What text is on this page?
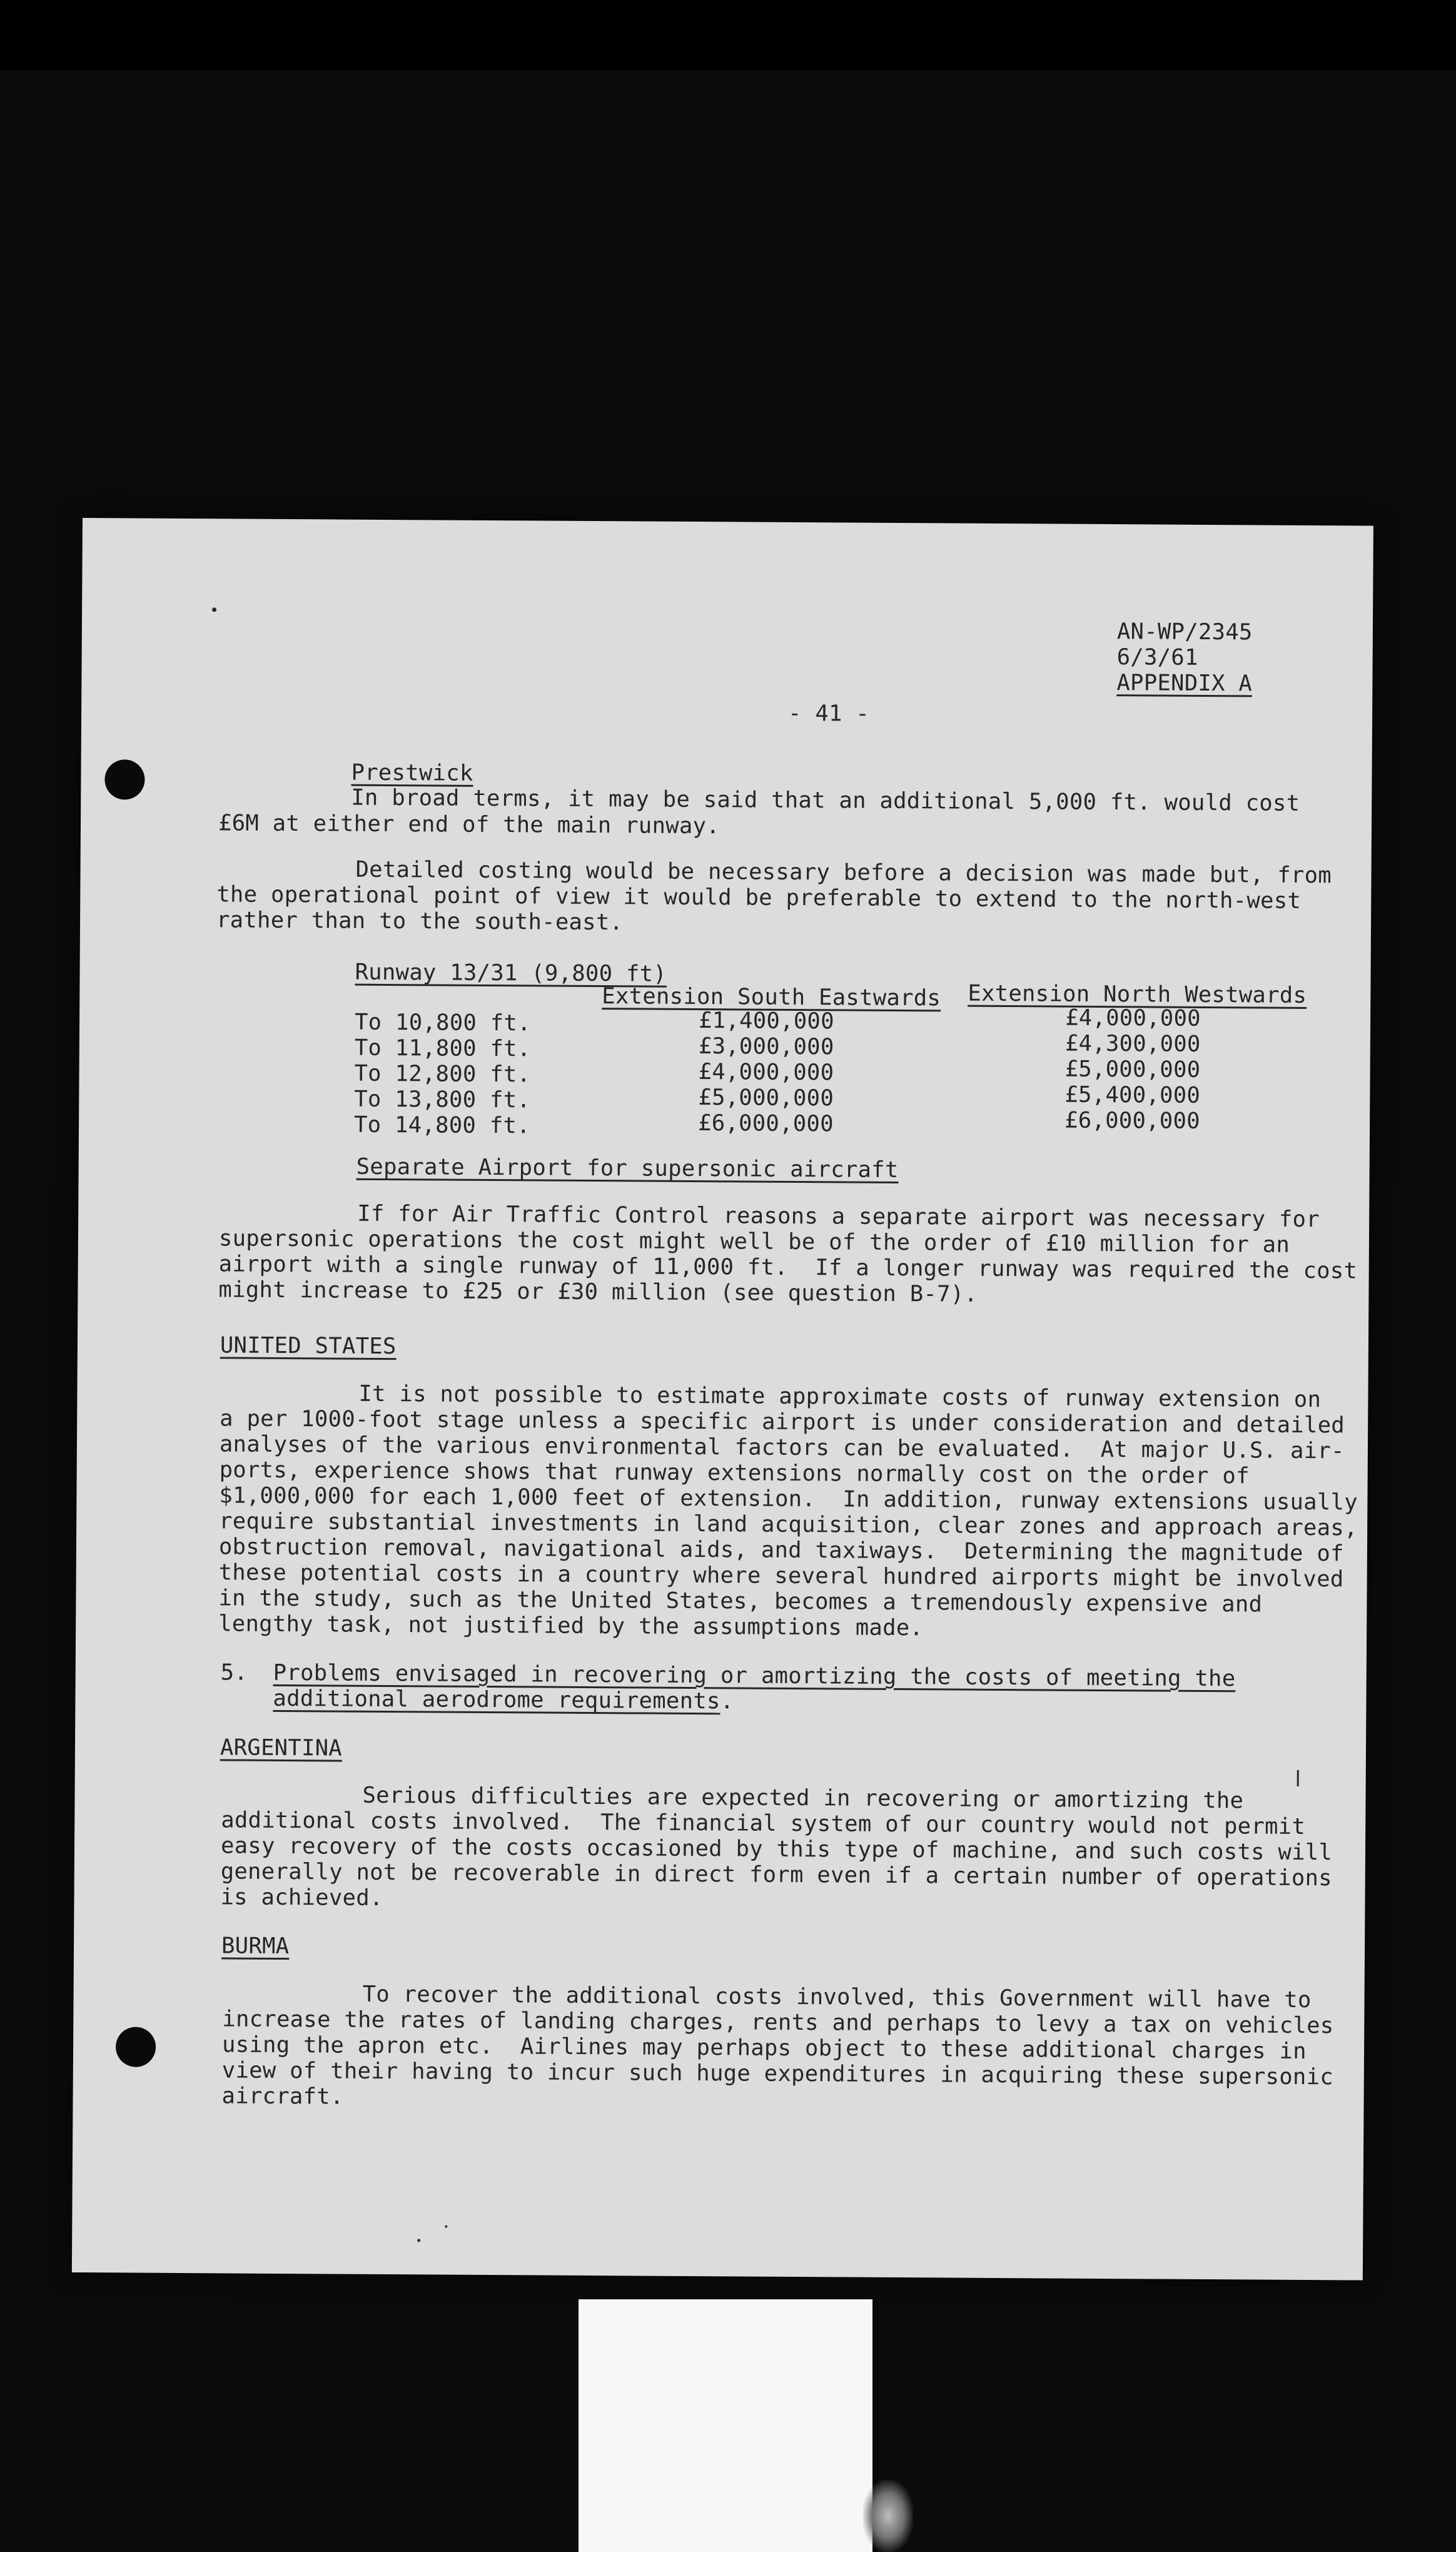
AN-WP/2345
6/3/61
APPENDIX A
- 41 -
Prestwick
In broad terms, it may be said that an additional 5,000 ft. would cost
£6M at either end of the main runway.
Detailed costing would be necessary before a decision was made but, from
the operational point of view it would be preferable to extend to the north-west
rather than to the south-east.
Runway 13/31 (9,800 ft)
Extension South Eastwards Extension North Westwards
To 10,800 ft.	£1,400,000	£4,000,000
To 11,800 ft.	£3,000,000	£4,300,000
To 12,800 ft.	£4,000,000	£5,000,000
To 13,800 ft.	£5,000,000	£5,400,000
To 14,800 ft.	£6,000,000	£6,000,000
Separate Airport for supersonic aircraft
If for Air Traffic Control reasons a separate airport was necessary for
supersonic operations the cost might well be of the order of £10 million for an
airport with a single runway of 11,000 ft.  If a longer runway was required the cost
might increase to £25 or £30 million (see question B-7).
UNITED STATES
It is not possible to estimate approximate costs of runway extension on
a per 1000-foot stage unless a specific airport is under consideration and detailed
analyses of the various environmental factors can be evaluated.  At major U.S. air-
ports, experience shows that runway extensions normally cost on the order of
$1,000,000 for each 1,000 feet of extension.  In addition, runway extensions usually
require substantial investments in land acquisition, clear zones and approach areas,
obstruction removal, navigational aids, and taxiways.  Determining the magnitude of
these potential costs in a country where several hundred airports might be involved
in the study, such as the United States, becomes a tremendously expensive and
lengthy task, not justified by the assumptions made.
5. Problems envisaged in recovering or amortizing the costs of meeting the
additional aerodrome requirements.
ARGENTINA
Serious difficulties are expected in recovering or amortizing the
additional costs involved.  The financial system of our country would not permit
easy recovery of the costs occasioned by this type of machine, and such costs will
generally not be recoverable in direct form even if a certain number of operations
is achieved.
BURMA
To recover the additional costs involved, this Government will have to
increase the rates of landing charges, rents and perhaps to levy a tax on vehicles
using the apron etc.  Airlines may perhaps object to these additional charges in
view of their having to incur such huge expenditures in acquiring these supersonic
aircraft.
